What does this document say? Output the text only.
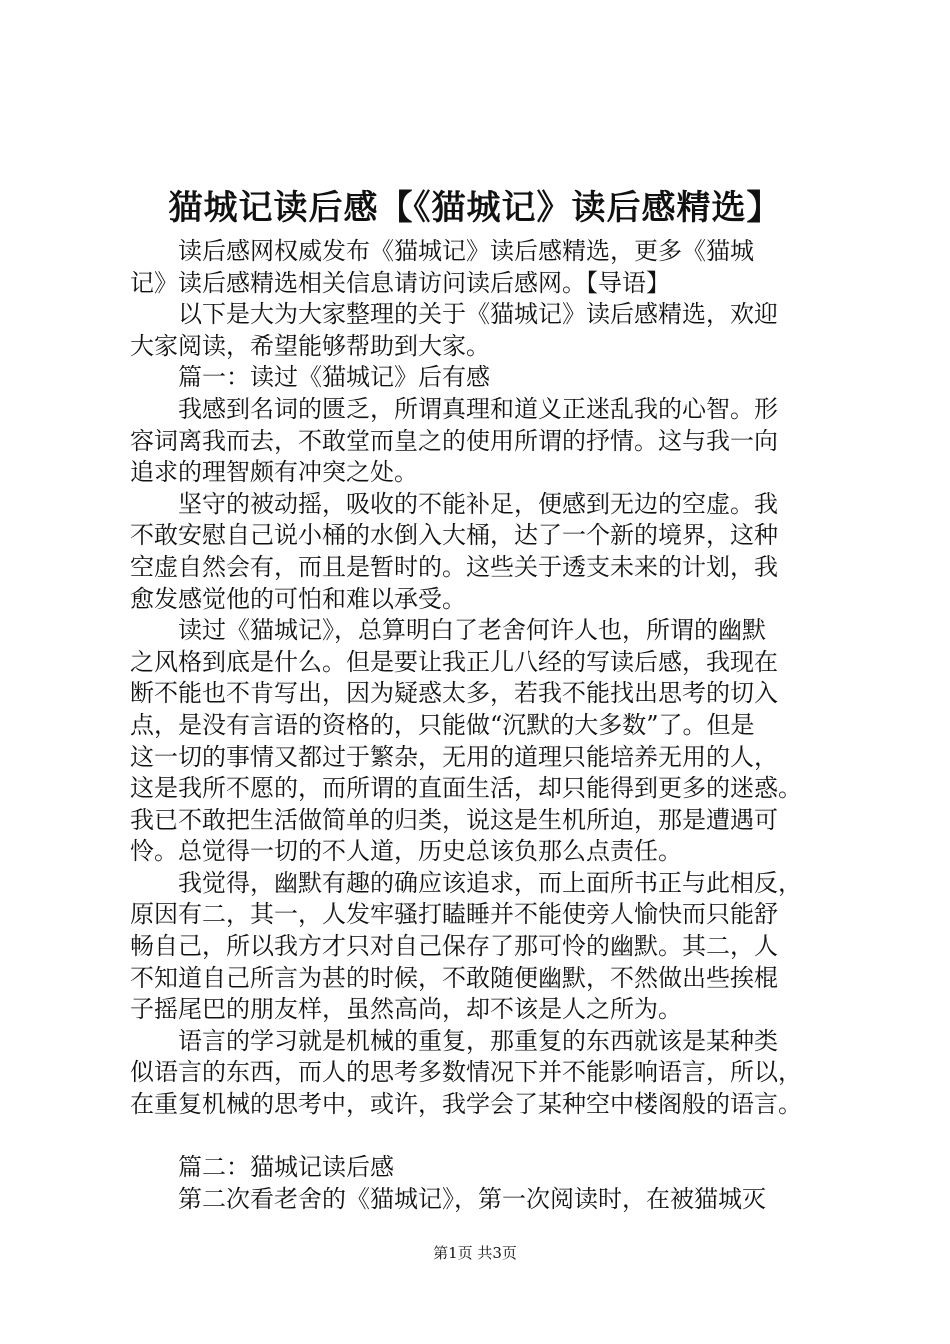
猫城记读后感【《猫城记》读后感精选】
　　读后感网权威发布《猫城记》读后感精选，更多《猫城
记》读后感精选相关信息请访问读后感网。【导语】
　　以下是大为大家整理的关于《猫城记》读后感精选，欢迎
大家阅读，希望能够帮助到大家。
　　篇一：读过《猫城记》后有感
　　我感到名词的匮乏，所谓真理和道义正迷乱我的心智。形
容词离我而去，不敢堂而皇之的使用所谓的抒情。这与我一向
追求的理智颇有冲突之处。
　　坚守的被动摇，吸收的不能补足，便感到无边的空虚。我
不敢安慰自己说小桶的水倒入大桶，达了一个新的境界，这种
空虚自然会有，而且是暂时的。这些关于透支未来的计划，我
愈发感觉他的可怕和难以承受。
　　读过《猫城记》，总算明白了老舍何许人也，所谓的幽默
之风格到底是什么。但是要让我正儿八经的写读后感，我现在
断不能也不肯写出，因为疑惑太多，若我不能找出思考的切入
点，是没有言语的资格的，只能做“沉默的大多数”了。但是
这一切的事情又都过于繁杂，无用的道理只能培养无用的人，
这是我所不愿的，而所谓的直面生活，却只能得到更多的迷惑。
我已不敢把生活做简单的归类，说这是生机所迫，那是遭遇可
怜。总觉得一切的不人道，历史总该负那么点责任。
　　我觉得，幽默有趣的确应该追求，而上面所书正与此相反，
原因有二，其一，人发牢骚打瞌睡并不能使旁人愉快而只能舒
畅自己，所以我方才只对自己保存了那可怜的幽默。其二，人
不知道自己所言为甚的时候，不敢随便幽默，不然做出些挨棍
子摇尾巴的朋友样，虽然高尚，却不该是人之所为。
　　语言的学习就是机械的重复，那重复的东西就该是某种类
似语言的东西，而人的思考多数情况下并不能影响语言，所以，
在重复机械的思考中，或许，我学会了某种空中楼阁般的语言。
　　篇二：猫城记读后感
　　第二次看老舍的《猫城记》，第一次阅读时，在被猫城灭
第1页 共3页
